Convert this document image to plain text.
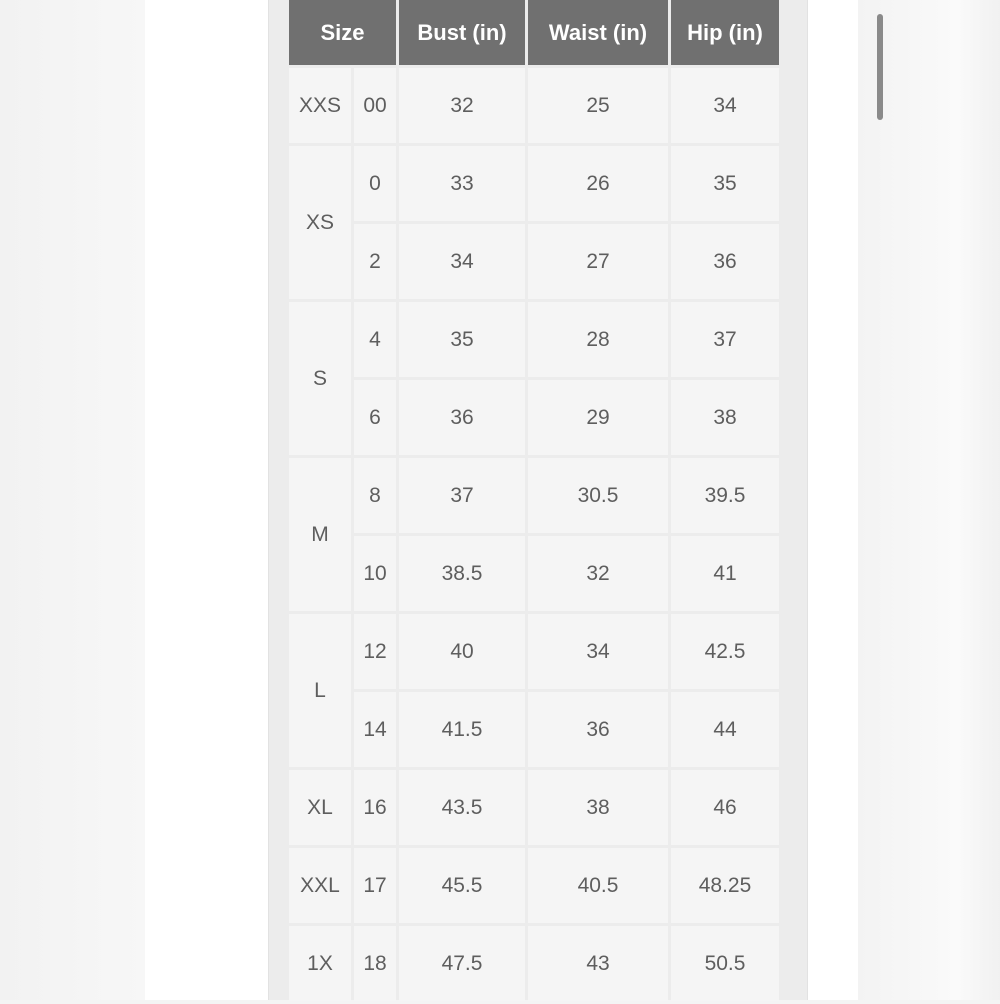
Size		Bust (in)	Waist (in)	Hip (in)
XXS	00	32	25	34
XS	0	33	26	35
	2	34	27	36
S	4	35	28	37
	6	36	29	38
M	8	37	30.5	39.5
	10	38.5	32	41
L	12	40	34	42.5
	14	41.5	36	44
XL	16	43.5	38	46
XXL	17	45.5	40.5	48.25
1X	18	47.5	43	50.5
